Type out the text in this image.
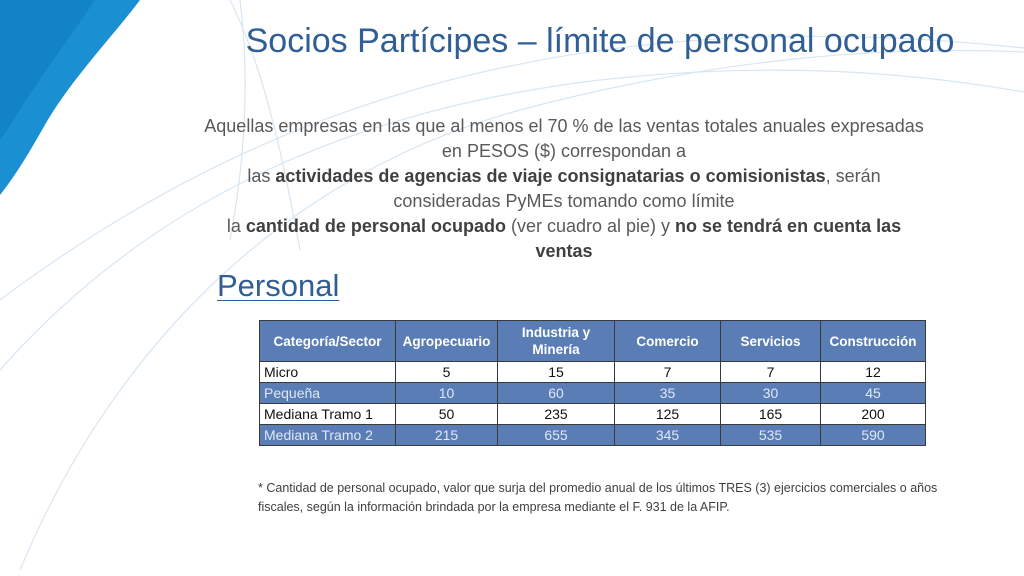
Socios Partícipes – límite de personal ocupado
Aquellas empresas en las que al menos el 70 % de las ventas totales anuales expresadas en PESOS ($) correspondan a
las actividades de agencias de viaje consignatarias o comisionistas, serán consideradas PyMEs tomando como límite
la cantidad de personal ocupado (ver cuadro al pie) y no se tendrá en cuenta las ventas
Personal
Categoría/Sector	Agropecuario	Industria y Minería	Comercio	Servicios	Construcción
Micro	5	15	7	7	12
Pequeña	10	60	35	30	45
Mediana Tramo 1	50	235	125	165	200
Mediana Tramo 2	215	655	345	535	590
* Cantidad de personal ocupado, valor que surja del promedio anual de los últimos TRES (3) ejercicios comerciales o años fiscales, según la información brindada por la empresa mediante el F. 931 de la AFIP.
